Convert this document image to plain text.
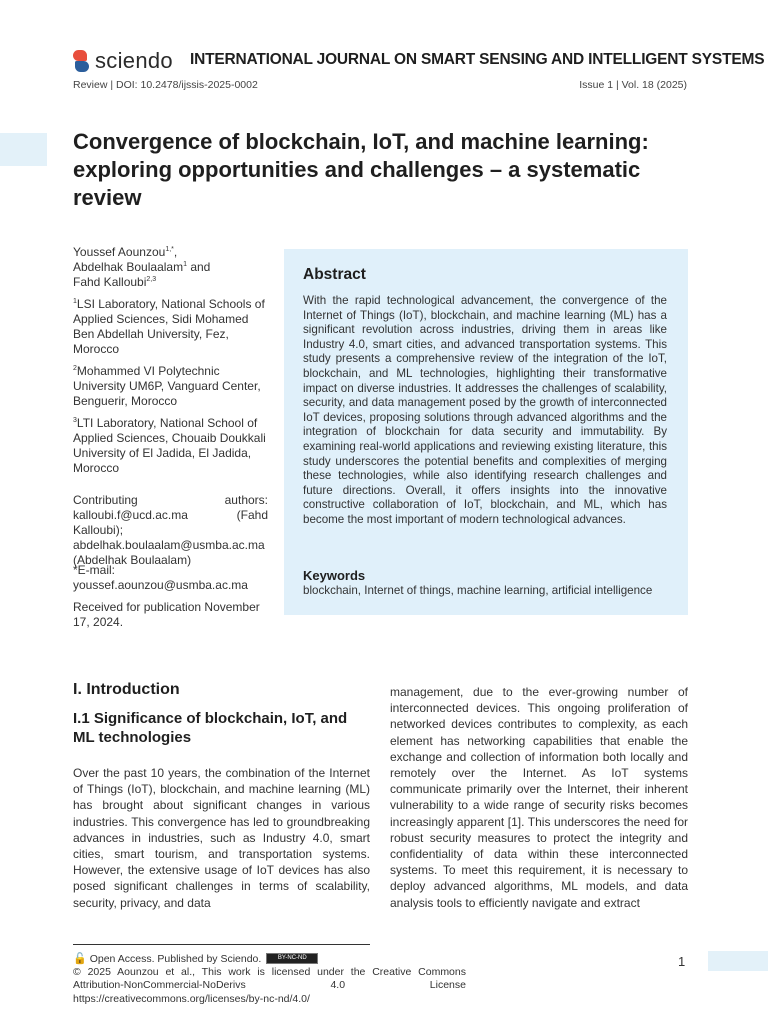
sciendo INTERNATIONAL JOURNAL ON SMART SENSING AND INTELLIGENT SYSTEMS
Review | DOI: 10.2478/ijssis-2025-0002	Issue 1 | Vol. 18 (2025)
Convergence of blockchain, IoT, and machine learning: exploring opportunities and challenges – a systematic review
Youssef Aounzou$^{1,*}$,
Abdelhak Boulaalam$^1$ and
Fahd Kalloubi$^{2,3}$
$^1$LSI Laboratory, National Schools of Applied Sciences, Sidi Mohamed Ben Abdellah University, Fez, Morocco
$^2$Mohammed VI Polytechnic University UM6P, Vanguard Center, Benguerir, Morocco
$^3$LTI Laboratory, National School of Applied Sciences, Chouaib Doukkali University of El Jadida, El Jadida, Morocco
Contributing authors: kalloubi.f@ucd.ac.ma (Fahd Kalloubi); abdelhak.boulaalam@usmba.ac.ma (Abdelhak Boulaalam)
*E-mail: youssef.aounzou@usmba.ac.ma
Received for publication November 17, 2024.
Abstract

With the rapid technological advancement, the convergence of the Internet of Things (IoT), blockchain, and machine learning (ML) has a significant revolution across industries, driving them in areas like Industry 4.0, smart cities, and advanced transportation systems. This study presents a comprehensive review of the integration of the IoT, blockchain, and ML technologies, highlighting their transformative impact on diverse industries. It addresses the challenges of scalability, security, and data management posed by the growth of interconnected IoT devices, proposing solutions through advanced algorithms and the integration of blockchain for data security and immutability. By examining real-world applications and reviewing existing literature, this study underscores the potential benefits and complexities of merging these technologies, while also identifying research challenges and future directions. Overall, it offers insights into the innovative constructive collaboration of IoT, blockchain, and ML, which has become the most important of modern technological advances.

Keywords

blockchain, Internet of things, machine learning, artificial intelligence

I. Introduction
I.1 Significance of blockchain, IoT, and ML technologies

Over the past 10 years, the combination of the Internet of Things (IoT), blockchain, and machine learning (ML) has brought about significant changes in various industries. This convergence has led to groundbreaking advances in industries, such as Industry 4.0, smart cities, smart tourism, and transportation systems. However, the extensive usage of IoT devices has also posed significant challenges in terms of scalability, security, privacy, and data

management, due to the ever-growing number of interconnected devices. This ongoing proliferation of networked devices contributes to complexity, as each element has networking capabilities that enable the exchange and collection of information both locally and remotely over the Internet. As IoT systems communicate primarily over the Internet, their inherent vulnerability to a wide range of security risks becomes increasingly apparent [1]. This underscores the need for robust security measures to protect the integrity and confidentiality of data within these interconnected systems. To meet this requirement, it is necessary to deploy advanced algorithms, ML models, and data analysis tools to efficiently navigate and extract

🔓 Open Access. Published by Sciendo.	BY-NC-ND

© 2025 Aounzou et al., This work is licensed under the Creative Commons Attribution-NonCommercial-NoDerivs 4.0 License https://creativecommons.org/licenses/by-nc-nd/4.0/

1
